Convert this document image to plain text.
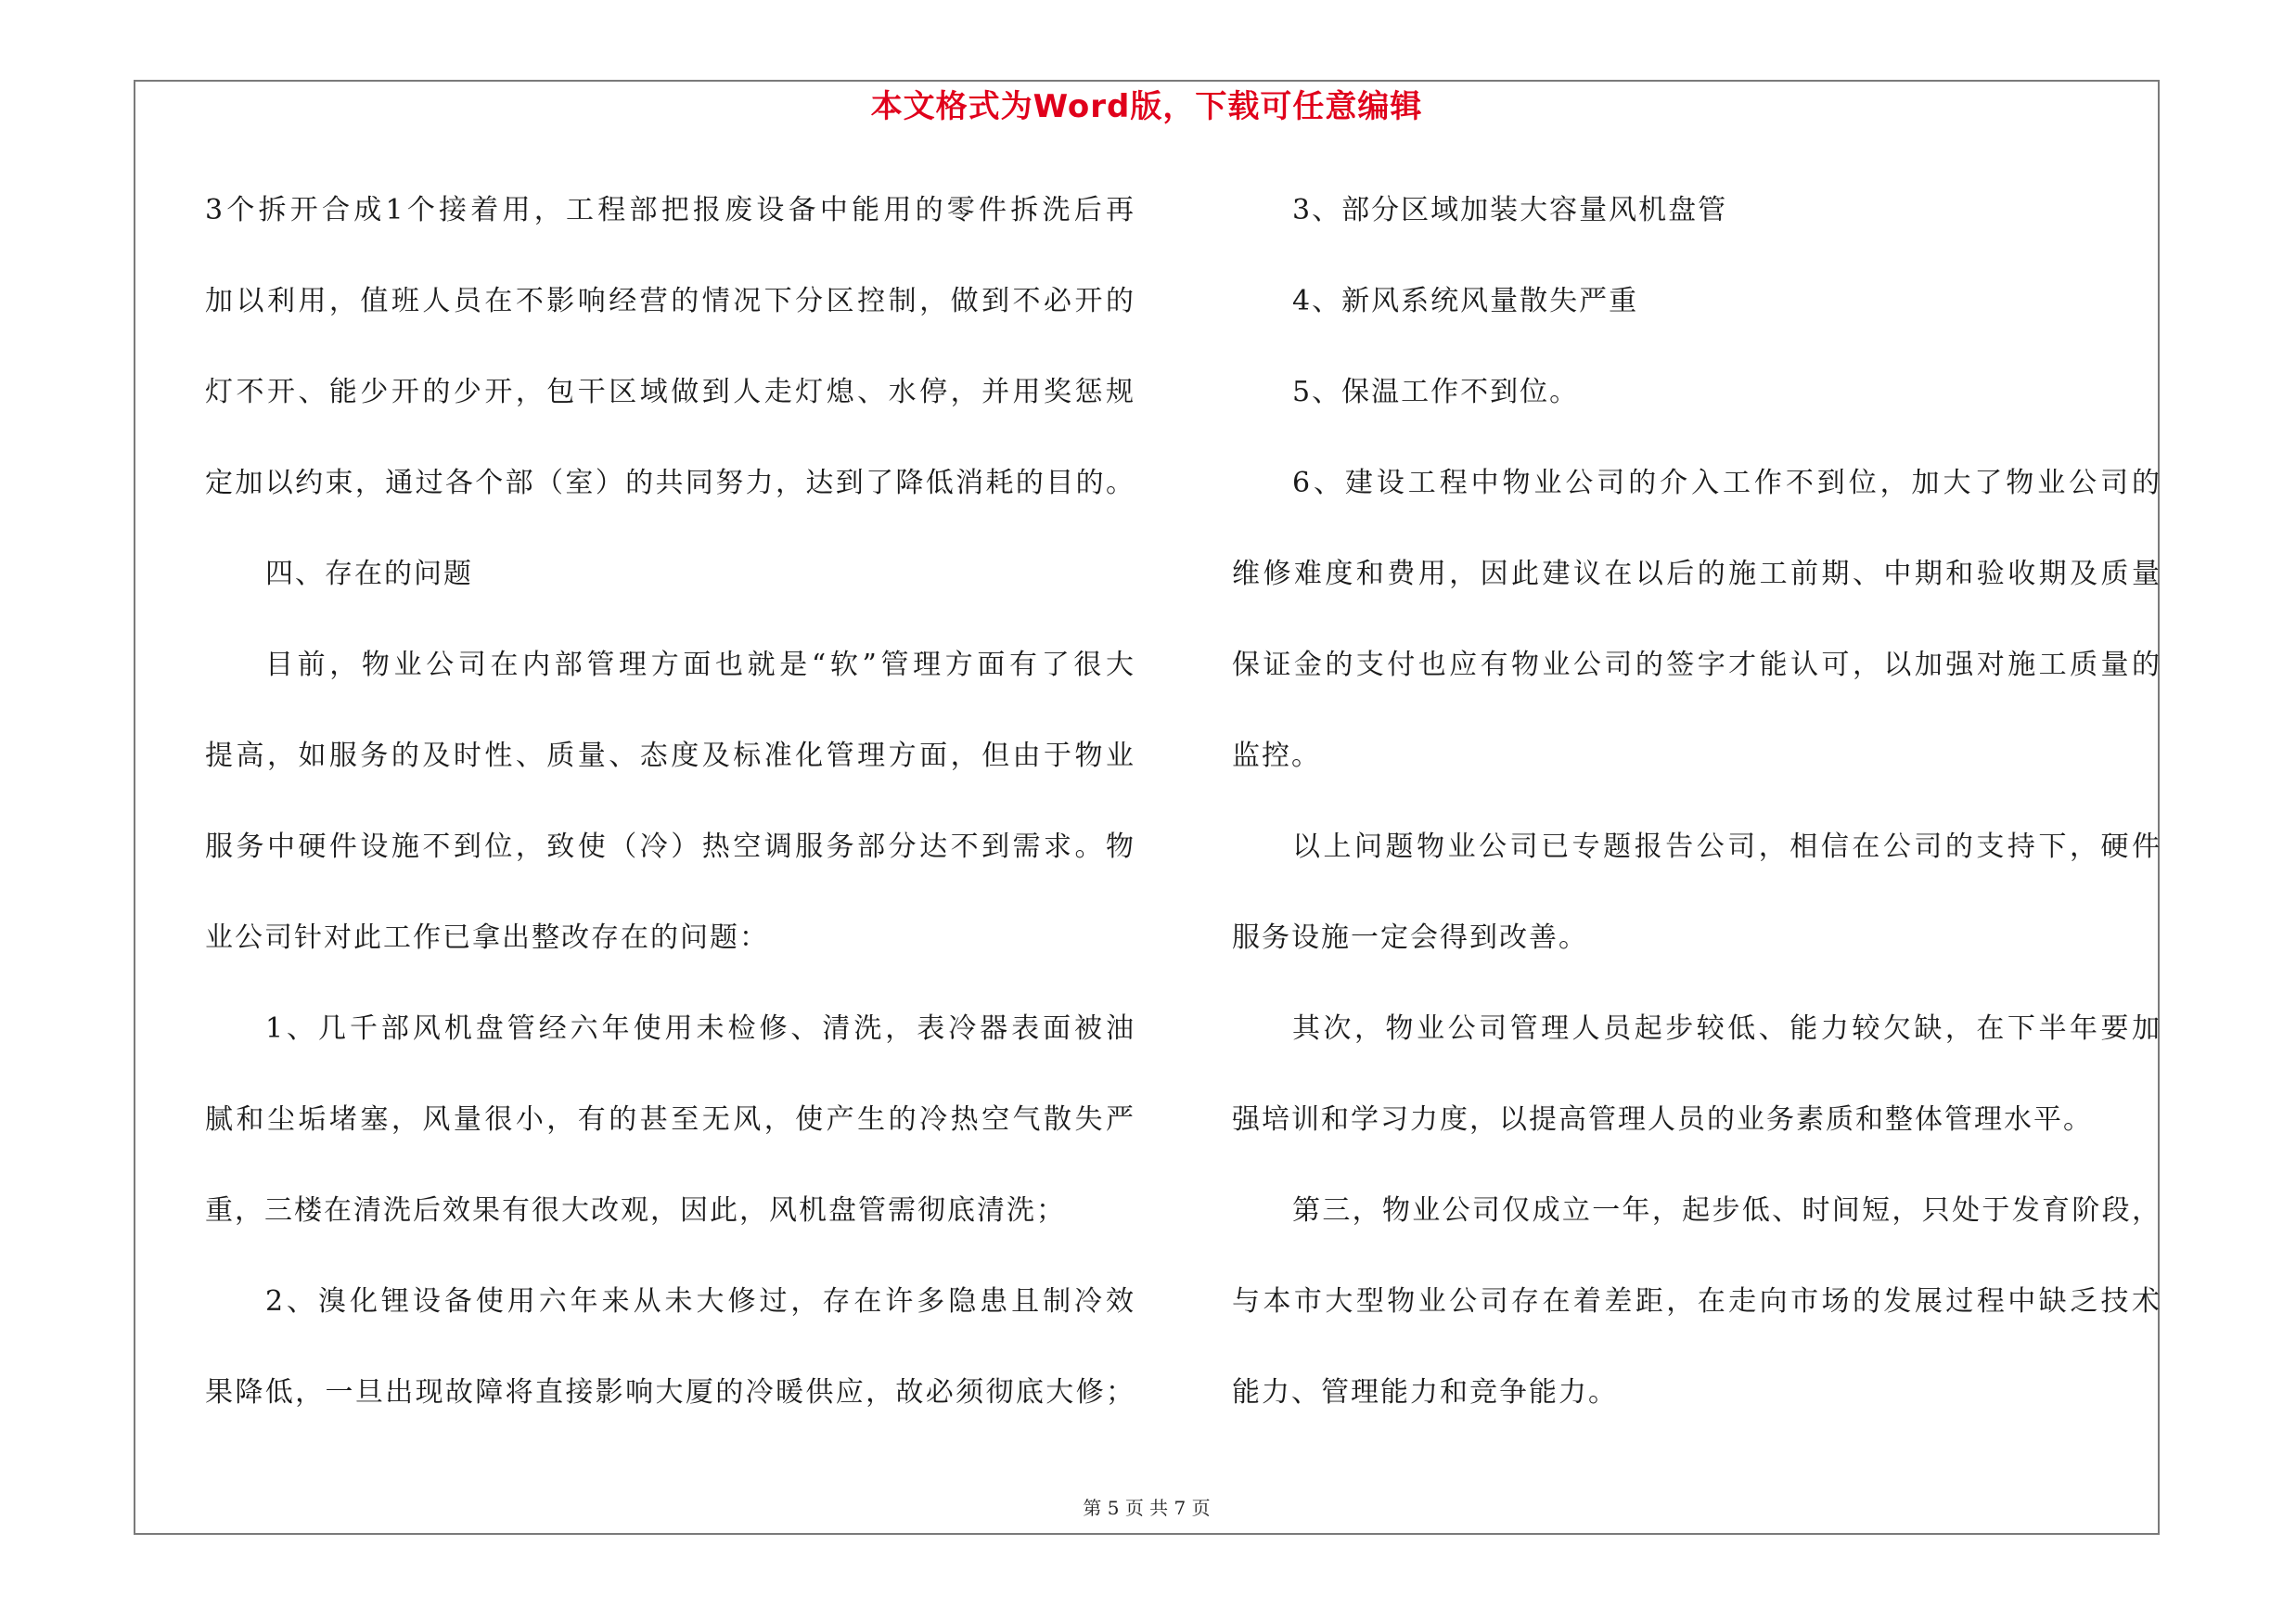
本文格式为Word版，下载可任意编辑
3个拆开合成1个接着用，工程部把报废设备中能用的零件拆洗后再
加以利用，值班人员在不影响经营的情况下分区控制，做到不必开的
灯不开、能少开的少开，包干区域做到人走灯熄、水停，并用奖惩规
定加以约束，通过各个部（室）的共同努力，达到了降低消耗的目的。
四、存在的问题
目前，物业公司在内部管理方面也就是“软”管理方面有了很大
提高，如服务的及时性、质量、态度及标准化管理方面，但由于物业
服务中硬件设施不到位，致使（冷）热空调服务部分达不到需求。物
业公司针对此工作已拿出整改存在的问题：
1、几千部风机盘管经六年使用未检修、清洗，表冷器表面被油
腻和尘垢堵塞，风量很小，有的甚至无风，使产生的冷热空气散失严
重，三楼在清洗后效果有很大改观，因此，风机盘管需彻底清洗；
2、溴化锂设备使用六年来从未大修过，存在许多隐患且制冷效
果降低，一旦出现故障将直接影响大厦的冷暖供应，故必须彻底大修；
3、部分区域加装大容量风机盘管
4、新风系统风量散失严重
5、保温工作不到位。
6、建设工程中物业公司的介入工作不到位，加大了物业公司的
维修难度和费用，因此建议在以后的施工前期、中期和验收期及质量
保证金的支付也应有物业公司的签字才能认可，以加强对施工质量的
监控。
以上问题物业公司已专题报告公司，相信在公司的支持下，硬件
服务设施一定会得到改善。
其次，物业公司管理人员起步较低、能力较欠缺，在下半年要加
强培训和学习力度，以提高管理人员的业务素质和整体管理水平。
第三，物业公司仅成立一年，起步低、时间短，只处于发育阶段，
与本市大型物业公司存在着差距，在走向市场的发展过程中缺乏技术
能力、管理能力和竞争能力。
第 5 页 共 7 页
